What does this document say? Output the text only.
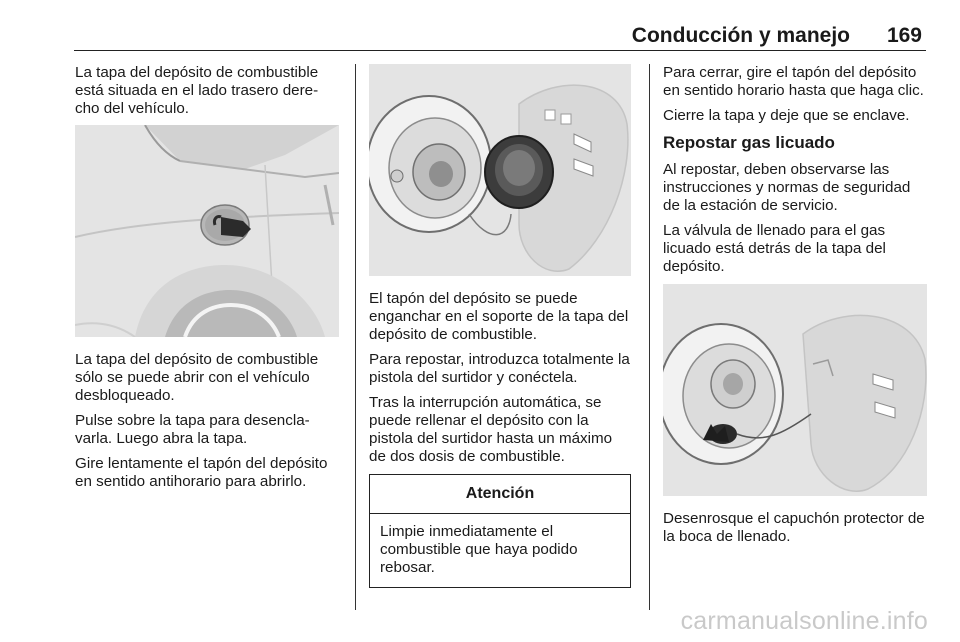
Conducción y manejo 169

La tapa del depósito de combustible está situada en el lado trasero dere- cho del vehículo.

La tapa del depósito de combustible sólo se puede abrir con el vehículo desbloqueado.

Pulse sobre la tapa para desencla- varla. Luego abra la tapa.

Gire lentamente el tapón del depósito en sentido antihorario para abrirlo.

El tapón del depósito se puede enganchar en el soporte de la tapa del depósito de combustible.

Para repostar, introduzca totalmente la pistola del surtidor y conéctela.

Tras la interrupción automática, se puede rellenar el depósito con la pistola del surtidor hasta un máximo de dos dosis de combustible.

Atención
Limpie inmediatamente el combustible que haya podido rebosar.

Para cerrar, gire el tapón del depósito en sentido horario hasta que haga clic.

Cierre la tapa y deje que se enclave.

Repostar gas licuado

Al repostar, deben observarse las instrucciones y normas de seguridad de la estación de servicio.

La válvula de llenado para el gas licuado está detrás de la tapa del depósito.

Desenrosque el capuchón protector de la boca de llenado.

carmanualsonline.info
